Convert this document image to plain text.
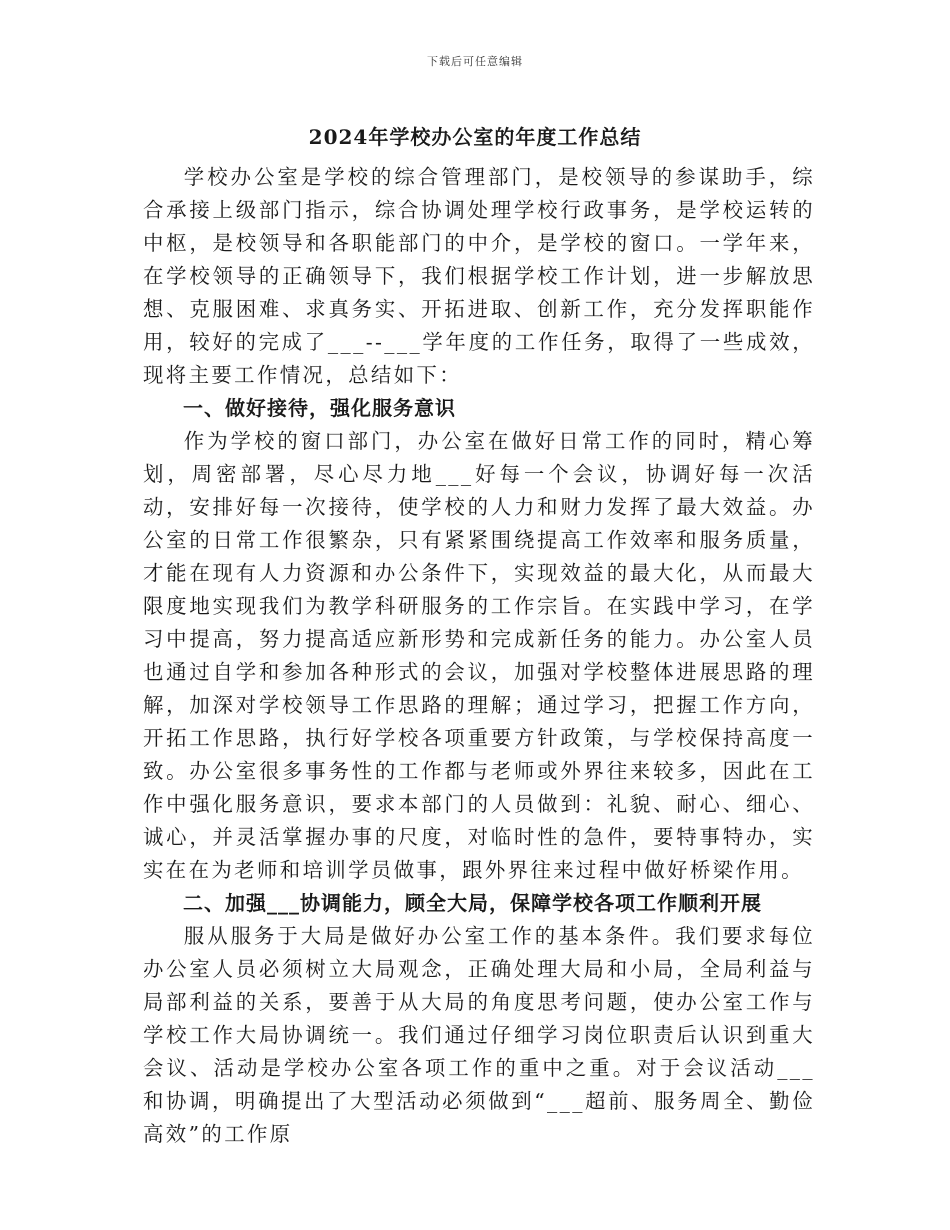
下载后可任意编辑
2024年学校办公室的年度工作总结

学校办公室是学校的综合管理部门，是校领导的参谋助手，综合承接上级部门指示，综合协调处理学校行政事务，是学校运转的中枢，是校领导和各职能部门的中介，是学校的窗口。一学年来，在学校领导的正确领导下，我们根据学校工作计划，进一步解放思想、克服困难、求真务实、开拓进取、创新工作，充分发挥职能作用，较好的完成了___--___学年度的工作任务，取得了一些成效，现将主要工作情况，总结如下：

一、做好接待，强化服务意识

作为学校的窗口部门，办公室在做好日常工作的同时，精心筹划，周密部署，尽心尽力地___好每一个会议，协调好每一次活动，安排好每一次接待，使学校的人力和财力发挥了最大效益。办公室的日常工作很繁杂，只有紧紧围绕提高工作效率和服务质量，才能在现有人力资源和办公条件下，实现效益的最大化，从而最大限度地实现我们为教学科研服务的工作宗旨。在实践中学习，在学习中提高，努力提高适应新形势和完成新任务的能力。办公室人员也通过自学和参加各种形式的会议，加强对学校整体进展思路的理解，加深对学校领导工作思路的理解；通过学习，把握工作方向，开拓工作思路，执行好学校各项重要方针政策，与学校保持高度一致。办公室很多事务性的工作都与老师或外界往来较多，因此在工作中强化服务意识，要求本部门的人员做到：礼貌、耐心、细心、诚心，并灵活掌握办事的尺度，对临时性的急件，要特事特办，实实在在为老师和培训学员做事，跟外界往来过程中做好桥梁作用。

二、加强___协调能力，顾全大局，保障学校各项工作顺利开展

服从服务于大局是做好办公室工作的基本条件。我们要求每位办公室人员必须树立大局观念，正确处理大局和小局，全局利益与局部利益的关系，要善于从大局的角度思考问题，使办公室工作与学校工作大局协调统一。我们通过仔细学习岗位职责后认识到重大会议、活动是学校办公室各项工作的重中之重。对于会议活动___和协调，明确提出了大型活动必须做到“___超前、服务周全、勤俭高效”的工作原
